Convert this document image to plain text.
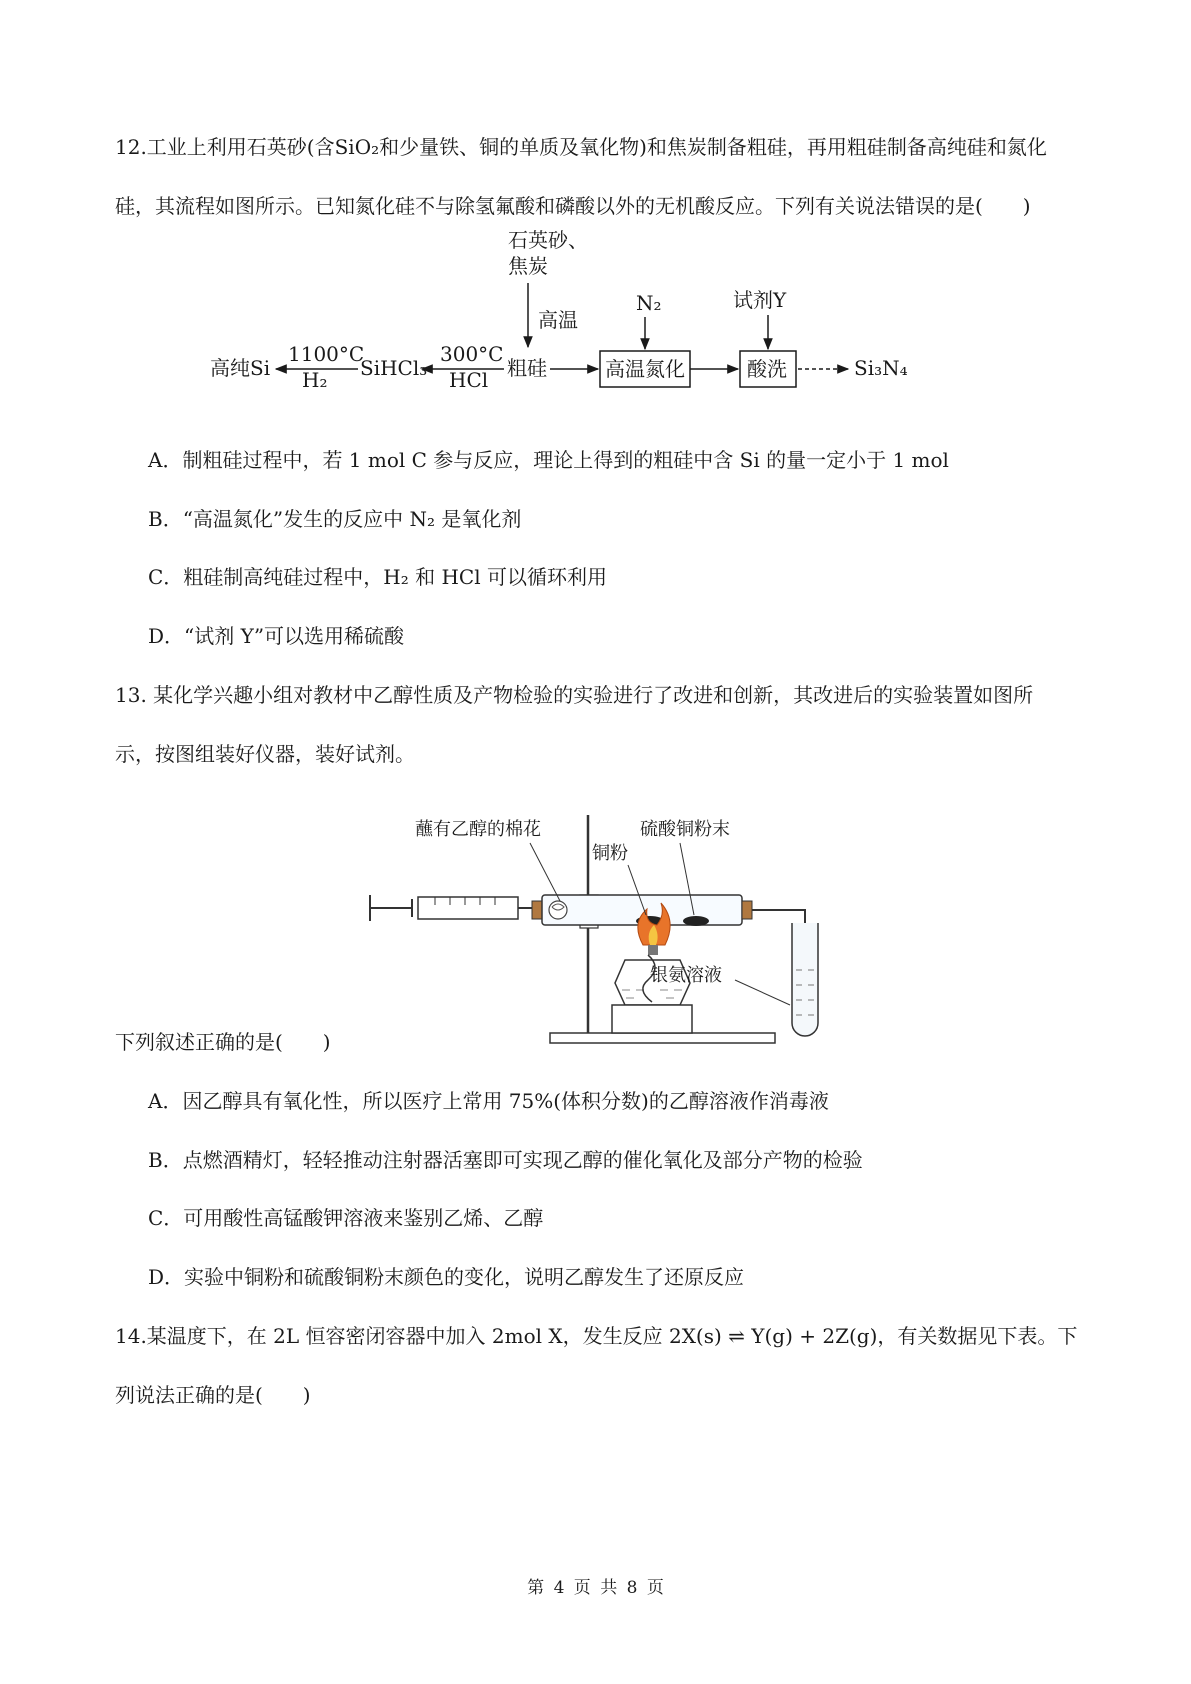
12.工业上利用石英砂(含SiO₂和少量铁、铜的单质及氧化物)和焦炭制备粗硅，再用粗硅制备高纯硅和氮化
硅，其流程如图所示。已知氮化硅不与除氢氟酸和磷酸以外的无机酸反应。下列有关说法错误的是(　　)
石英砂、
焦炭
高温
粗硅	高温氮化
N₂
酸洗
试剂Y
Si₃N₄
300°C
HCl
SiHCl₃
1100°C
H₂
高纯Si
A．制粗硅过程中，若 1 mol C 参与反应，理论上得到的粗硅中含 Si 的量一定小于 1 mol
B．“高温氮化”发生的反应中 N₂ 是氧化剂
C．粗硅制高纯硅过程中，H₂ 和 HCl 可以循环利用
D．“试剂 Y”可以选用稀硫酸
13. 某化学兴趣小组对教材中乙醇性质及产物检验的实验进行了改进和创新，其改进后的实验装置如图所
示，按图组装好仪器，装好试剂。
蘸有乙醇的棉花
铜粉
硫酸铜粉末
银氨溶液
下列叙述正确的是(　　)
A．因乙醇具有氧化性，所以医疗上常用 75%(体积分数)的乙醇溶液作消毒液
B．点燃酒精灯，轻轻推动注射器活塞即可实现乙醇的催化氧化及部分产物的检验
C．可用酸性高锰酸钾溶液来鉴别乙烯、乙醇
D．实验中铜粉和硫酸铜粉末颜色的变化，说明乙醇发生了还原反应
14.某温度下，在 2L 恒容密闭容器中加入 2mol X，发生反应 2X(s) ⇌ Y(g) + 2Z(g)，有关数据见下表。下
列说法正确的是(　　)
第 4 页 共 8 页
